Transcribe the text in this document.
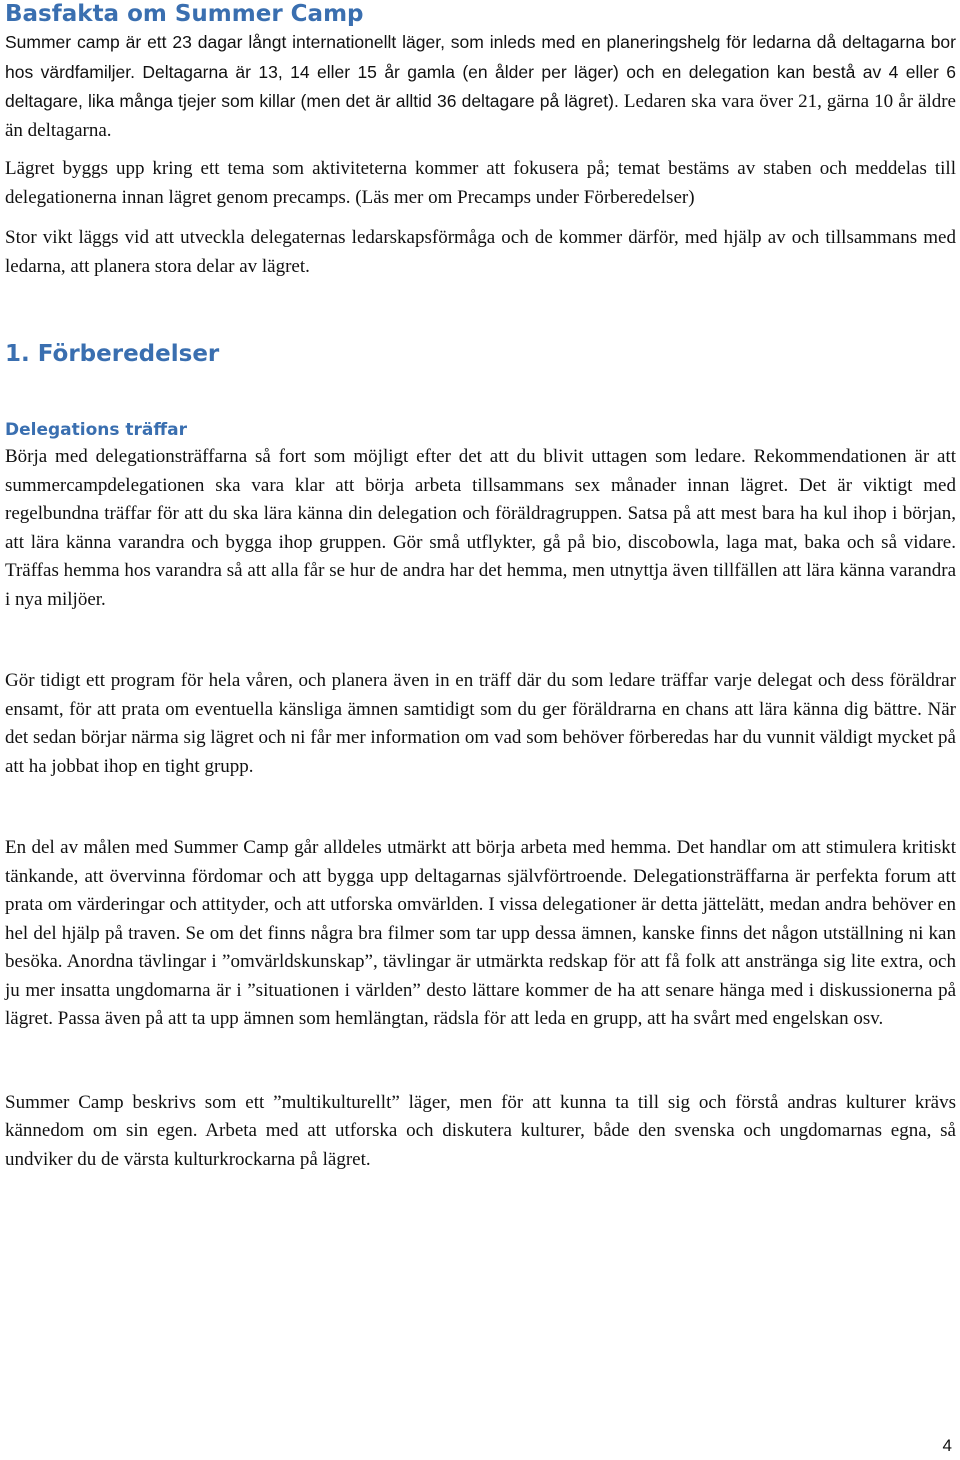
Basfakta om Summer Camp

Summer camp är ett 23 dagar långt internationellt läger, som inleds med en planeringshelg för ledarna då deltagarna bor hos värdfamiljer. Deltagarna är 13, 14 eller 15 år gamla (en ålder per läger) och en delegation kan bestå av 4 eller 6 deltagare, lika många tjejer som killar (men det är alltid 36 deltagare på lägret). Ledaren ska vara över 21, gärna 10 år äldre än deltagarna.

Lägret byggs upp kring ett tema som aktiviteterna kommer att fokusera på; temat bestäms av staben och meddelas till delegationerna innan lägret genom precamps. (Läs mer om Precamps under Förberedelser)

Stor vikt läggs vid att utveckla delegaternas ledarskapsförmåga och de kommer därför, med hjälp av och tillsammans med ledarna, att planera stora delar av lägret.

1. Förberedelser
Delegations träffar

Börja med delegationsträffarna så fort som möjligt efter det att du blivit uttagen som ledare. Rekommendationen är att summercampdelegationen ska vara klar att börja arbeta tillsammans sex månader innan lägret. Det är viktigt med regelbundna träffar för att du ska lära känna din delegation och föräldragruppen. Satsa på att mest bara ha kul ihop i början, att lära känna varandra och bygga ihop gruppen. Gör små utflykter, gå på bio, discobowla, laga mat, baka och så vidare. Träffas hemma hos varandra så att alla får se hur de andra har det hemma, men utnyttja även tillfällen att lära känna varandra i nya miljöer.

Gör tidigt ett program för hela våren, och planera även in en träff där du som ledare träffar varje delegat och dess föräldrar ensamt, för att prata om eventuella känsliga ämnen samtidigt som du ger föräldrarna en chans att lära känna dig bättre. När det sedan börjar närma sig lägret och ni får mer information om vad som behöver förberedas har du vunnit väldigt mycket på att ha jobbat ihop en tight grupp.

En del av målen med Summer Camp går alldeles utmärkt att börja arbeta med hemma. Det handlar om att stimulera kritiskt tänkande, att övervinna fördomar och att bygga upp deltagarnas självförtroende. Delegationsträffarna är perfekta forum att prata om värderingar och attityder, och att utforska omvärlden. I vissa delegationer är detta jättelätt, medan andra behöver en hel del hjälp på traven. Se om det finns några bra filmer som tar upp dessa ämnen, kanske finns det någon utställning ni kan besöka. Anordna tävlingar i ”omvärldskunskap”, tävlingar är utmärkta redskap för att få folk att anstränga sig lite extra, och ju mer insatta ungdomarna är i ”situationen i världen” desto lättare kommer de ha att senare hänga med i diskussionerna på lägret. Passa även på att ta upp ämnen som hemlängtan, rädsla för att leda en grupp, att ha svårt med engelskan osv.

Summer Camp beskrivs som ett ”multikulturellt” läger, men för att kunna ta till sig och förstå andras kulturer krävs kännedom om sin egen. Arbeta med att utforska och diskutera kulturer, både den svenska och ungdomarnas egna, så undviker du de värsta kulturkrockarna på lägret.

4
